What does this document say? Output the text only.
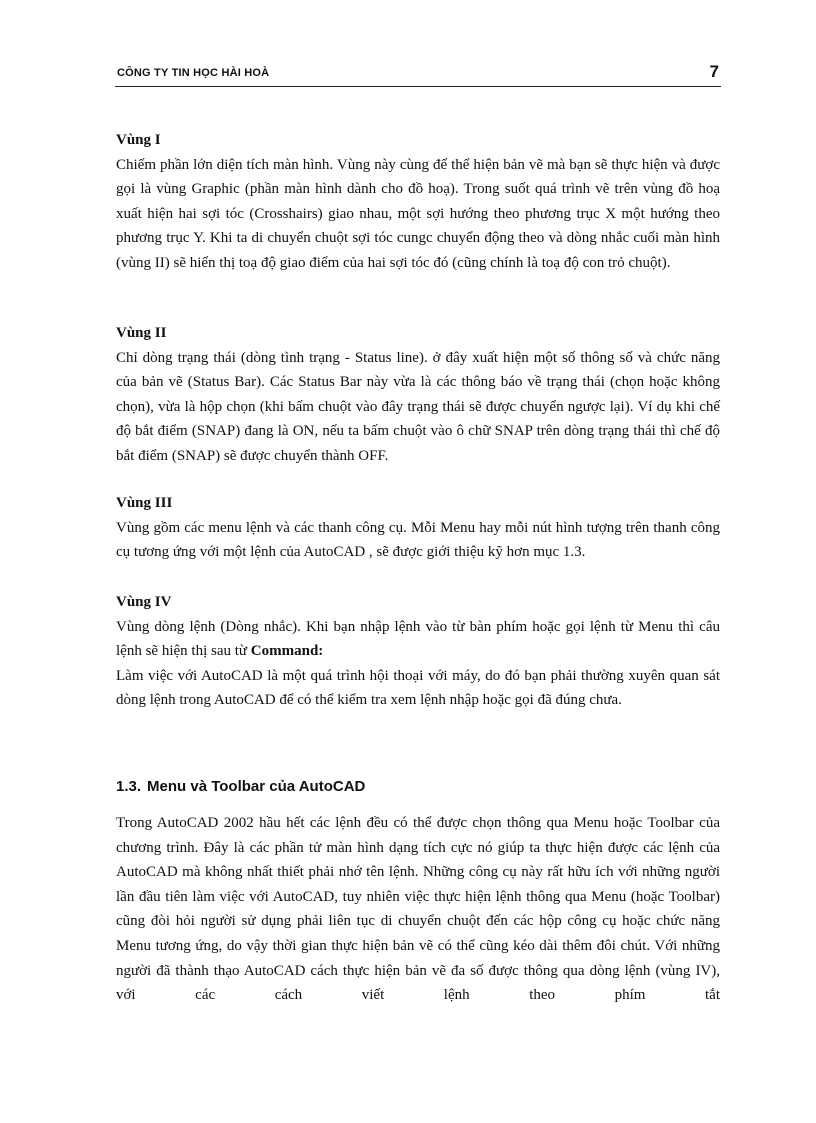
CÔNG TY TIN HỌC HÀI HOÀ	7
Vùng I

Chiếm phần lớn diện tích màn hình. Vùng này cùng để thể hiện bản vẽ mà bạn sẽ thực hiện và được gọi là vùng Graphic (phần màn hình dành cho đồ hoạ). Trong suốt quá trình vẽ trên vùng đồ hoạ xuất hiện hai sợi tóc (Crosshairs) giao nhau, một sợi hướng theo phương trục X một hướng theo phương trục Y. Khi ta di chuyển chuột sợi tóc cungc chuyển động theo và dòng nhắc cuối màn hình (vùng II) sẽ hiển thị toạ độ giao điểm của hai sợi tóc đó (cũng chính là toạ độ con trỏ chuột).

Vùng II

Chỉ dòng trạng thái (dòng tình trạng - Status line). ở đây xuất hiện một số thông số và chức năng của bản vẽ (Status Bar). Các Status Bar này vừa là các thông báo về trạng thái (chọn hoặc không chọn), vừa là hộp chọn (khi bấm chuột vào đây trạng thái sẽ được chuyển ngược lại). Ví dụ khi chế độ bắt điểm (SNAP) đang là ON, nếu ta bấm chuột vào ô chữ SNAP trên dòng trạng thái thì chế độ bắt điểm (SNAP) sẽ được chuyển thành OFF.

Vùng III

Vùng gồm các menu lệnh và các thanh công cụ. Mỗi Menu hay mỗi nút hình tượng trên thanh công cụ tương ứng với một lệnh của AutoCAD , sẽ được giới thiệu kỹ hơn mục 1.3.

Vùng IV

Vùng dòng lệnh (Dòng nhắc). Khi bạn nhập lệnh vào từ bàn phím hoặc gọi lệnh từ Menu thì câu lệnh sẽ hiện thị sau từ Command:

Làm việc với AutoCAD là một quá trình hội thoại với máy, do đó bạn phải thường xuyên quan sát dòng lệnh trong AutoCAD để có thể kiểm tra xem lệnh nhập hoặc gọi đã đúng chưa.

1.3. Menu và Toolbar của AutoCAD

Trong AutoCAD 2002 hầu hết các lệnh đều có thể được chọn thông qua Menu hoặc Toolbar của chương trình. Đây là các phần tử màn hình dạng tích cực nó giúp ta thực hiện được các lệnh của AutoCAD mà không nhất thiết phải nhớ tên lệnh. Những công cụ này rất hữu ích với những người lần đầu tiên làm việc với AutoCAD, tuy nhiên việc thực hiện lệnh thông qua Menu (hoặc Toolbar) cũng đòi hỏi người sử dụng phải liên tục di chuyển chuột đến các hộp công cụ hoặc chức năng Menu tương ứng, do vậy thời gian thực hiện bản vẽ có thể cũng kéo dài thêm đôi chút. Với những người đã thành thạo AutoCAD cách thực hiện bản vẽ đa số được thông qua dòng lệnh (vùng IV), với các cách viết lệnh theo phím tắt
